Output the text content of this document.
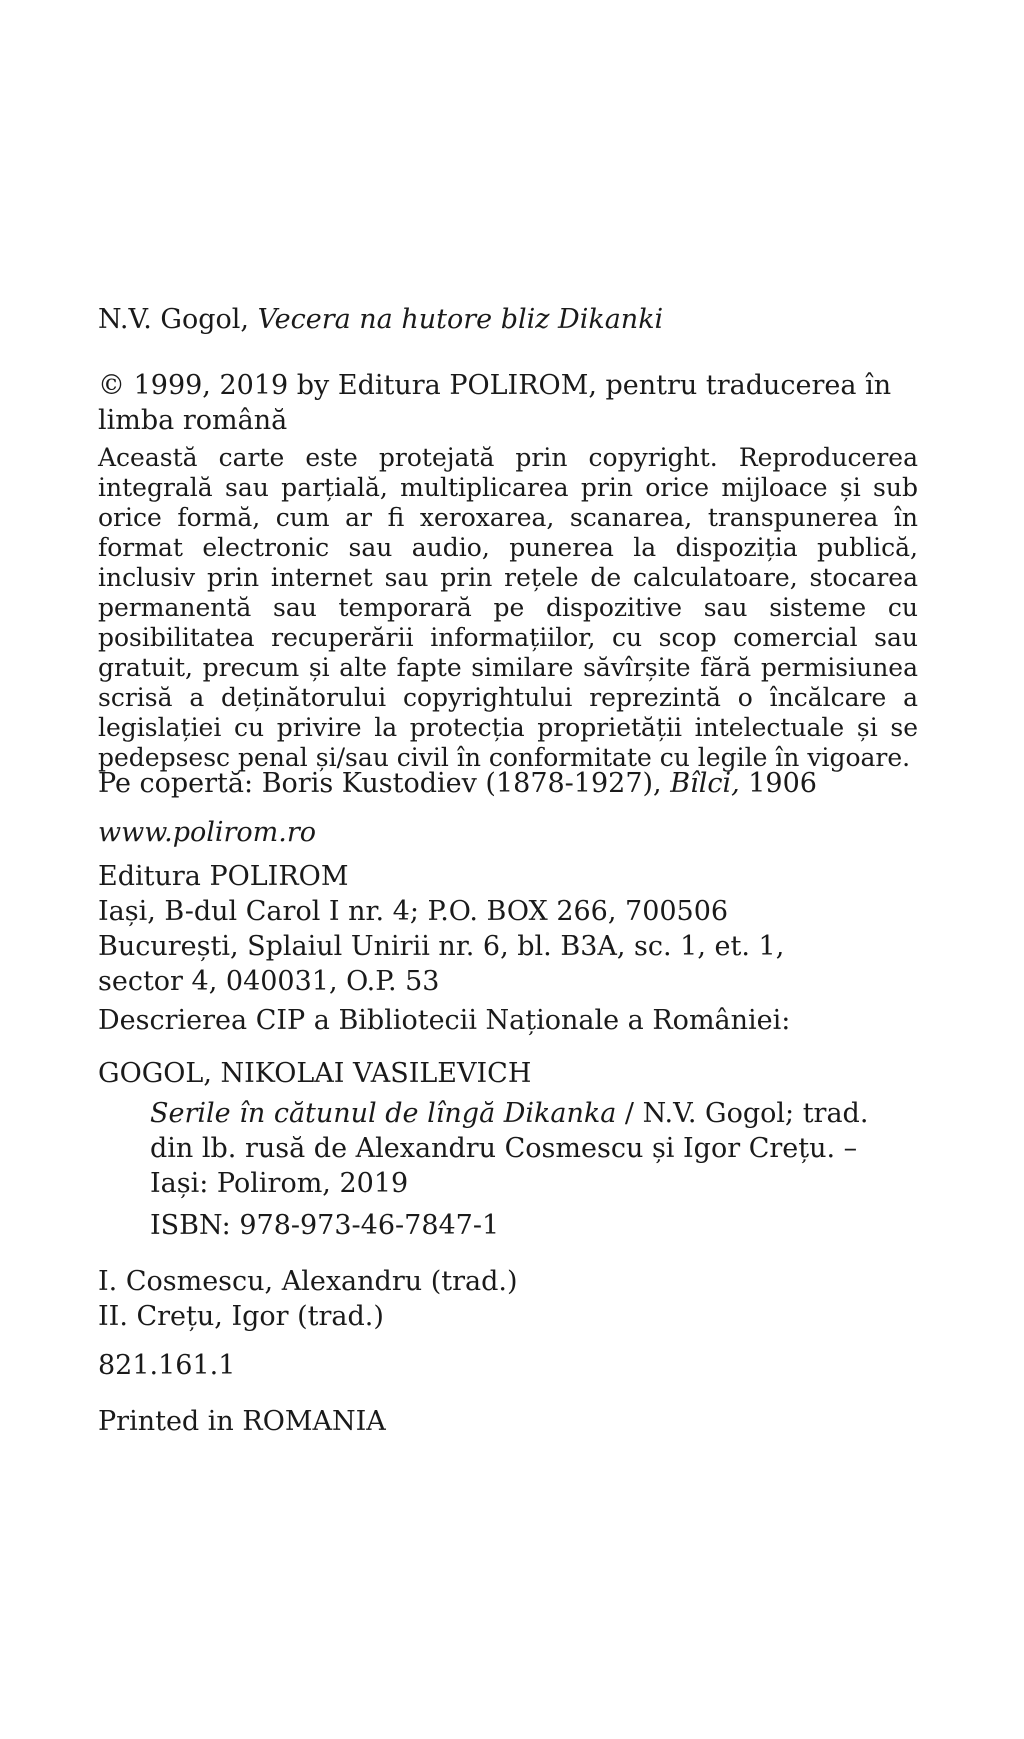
N.V. Gogol, Vecera na hutore bliz Dikanki

© 1999, 2019 by Editura POLIROM, pentru traducerea în
limba română

Această carte este protejată prin copyright. Reproducerea integrală sau parțială, multiplicarea prin orice mijloace și sub orice formă, cum ar fi xeroxarea, scanarea, transpunerea în format electronic sau audio, punerea la dispoziția publică, inclusiv prin internet sau prin rețele de calculatoare, stocarea permanentă sau temporară pe dispozitive sau sisteme cu posibilitatea recuperării informațiilor, cu scop comercial sau gratuit, precum și alte fapte similare săvîrșite fără permisiunea scrisă a deținătorului copyrightului reprezintă o încălcare a legislației cu privire la protecția proprietății intelectuale și se pedepsesc penal și/sau civil în conformitate cu legile în vigoare.

Pe copertă: Boris Kustodiev (1878-1927), Bîlci, 1906

www.polirom.ro

Editura POLIROM
Iași, B-dul Carol I nr. 4; P.O. BOX 266, 700506
București, Splaiul Unirii nr. 6, bl. B3A, sc. 1, et. 1,
sector 4, 040031, O.P. 53

Descrierea CIP a Bibliotecii Naționale a României:

GOGOL, NIKOLAI VASILEVICH

Serile în cătunul de lîngă Dikanka / N.V. Gogol; trad. din lb. rusă de Alexandru Cosmescu și Igor Crețu. – Iași: Polirom, 2019

ISBN: 978-973-46-7847-1

I. Cosmescu, Alexandru (trad.)
II. Crețu, Igor (trad.)

821.161.1

Printed in ROMANIA
